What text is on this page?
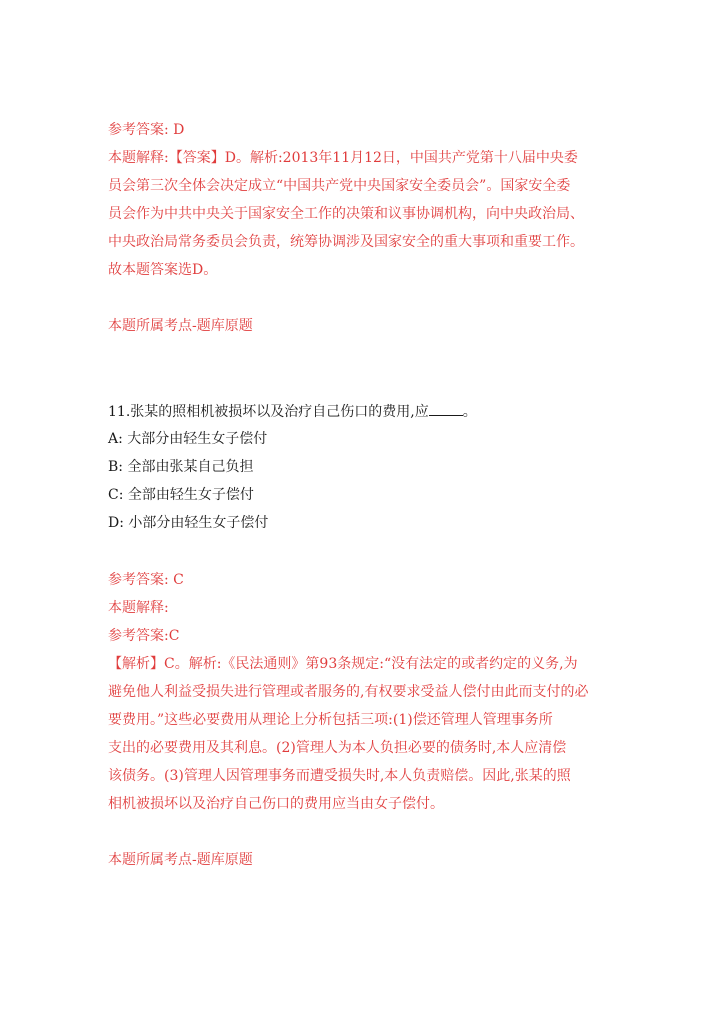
参考答案: D
本题解释:【答案】D。解析:2013年11月12日，中国共产党第十八届中央委
员会第三次全体会决定成立“中国共产党中央国家安全委员会”。国家安全委
员会作为中共中央关于国家安全工作的决策和议事协调机构，向中央政治局、
中央政治局常务委员会负责，统筹协调涉及国家安全的重大事项和重要工作。
故本题答案选D。
本题所属考点-题库原题
11.张某的照相机被损坏以及治疗自己伤口的费用,应 。
A: 大部分由轻生女子偿付
B: 全部由张某自己负担
C: 全部由轻生女子偿付
D: 小部分由轻生女子偿付
参考答案: C
本题解释:
参考答案:C
【解析】C。解析:《民法通则》第93条规定:“没有法定的或者约定的义务,为
避免他人利益受损失进行管理或者服务的,有权要求受益人偿付由此而支付的必
要费用。”这些必要费用从理论上分析包括三项:(1)偿还管理人管理事务所
支出的必要费用及其利息。(2)管理人为本人负担必要的债务时,本人应清偿
该债务。(3)管理人因管理事务而遭受损失时,本人负责赔偿。因此,张某的照
相机被损坏以及治疗自己伤口的费用应当由女子偿付。
本题所属考点-题库原题
